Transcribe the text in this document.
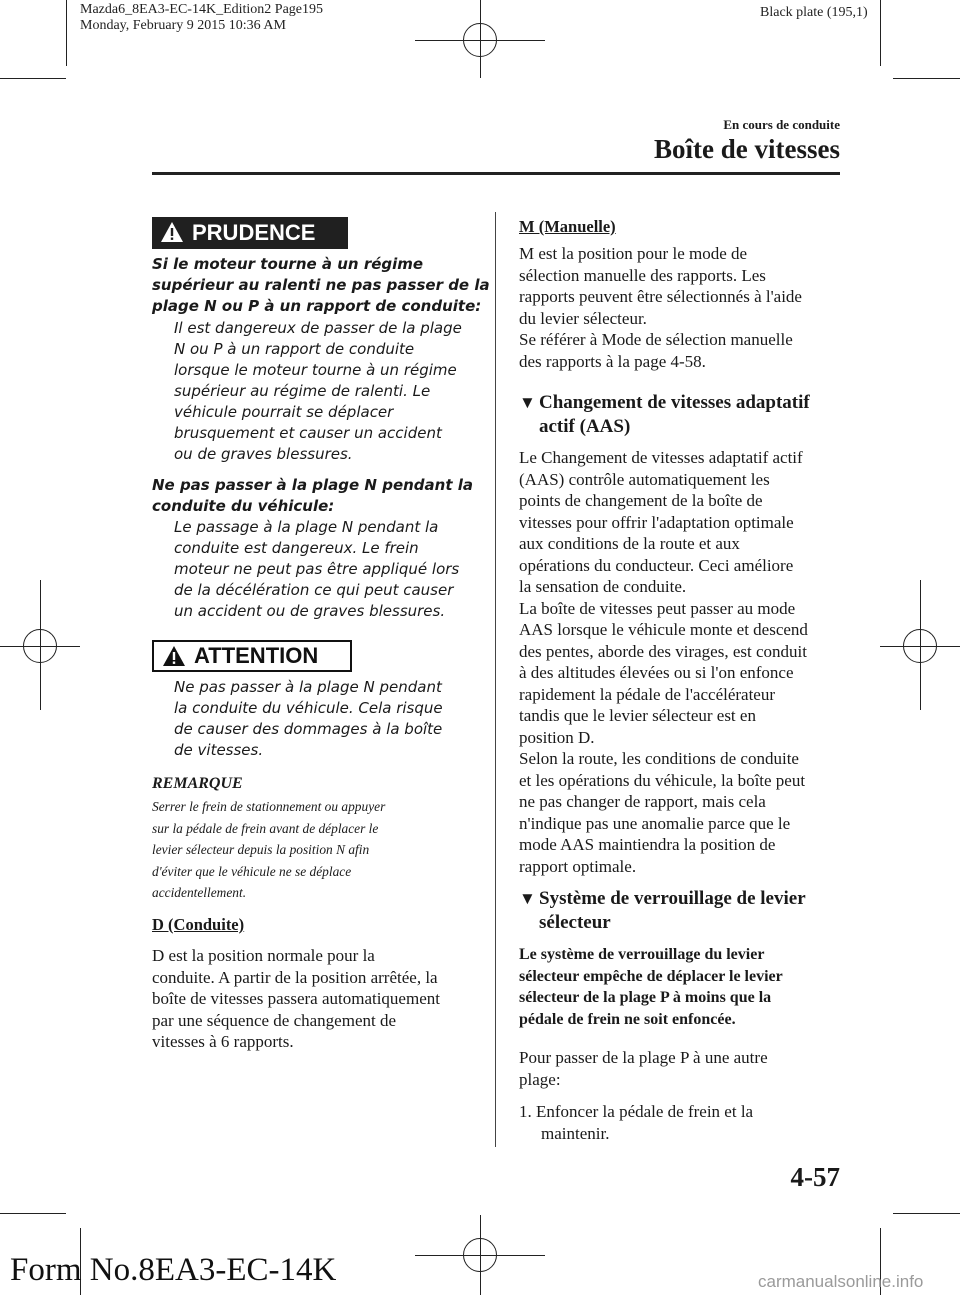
Mazda6_8EA3-EC-14K_Edition2 Page195
Monday, February 9 2015 10:36 AM
Black plate (195,1)
En cours de conduite
Boîte de vitesses
PRUDENCE
Si le moteur tourne à un régime
supérieur au ralenti ne pas passer de la
plage N ou P à un rapport de conduite:
Il est dangereux de passer de la plage
N ou P à un rapport de conduite
lorsque le moteur tourne à un régime
supérieur au régime de ralenti. Le
véhicule pourrait se déplacer
brusquement et causer un accident
ou de graves blessures.
Ne pas passer à la plage N pendant la
conduite du véhicule:
Le passage à la plage N pendant la
conduite est dangereux. Le frein
moteur ne peut pas être appliqué lors
de la décélération ce qui peut causer
un accident ou de graves blessures.
ATTENTION
Ne pas passer à la plage N pendant
la conduite du véhicule. Cela risque
de causer des dommages à la boîte
de vitesses.
REMARQUE
Serrer le frein de stationnement ou appuyer
sur la pédale de frein avant de déplacer le
levier sélecteur depuis la position N afin
d'éviter que le véhicule ne se déplace
accidentellement.
D (Conduite)
D est la position normale pour la
conduite. A partir de la position arrêtée, la
boîte de vitesses passera automatiquement
par une séquence de changement de
vitesses à 6 rapports.
M (Manuelle)
M est la position pour le mode de
sélection manuelle des rapports. Les
rapports peuvent être sélectionnés à l'aide
du levier sélecteur.
Se référer à Mode de sélection manuelle
des rapports à la page 4-58.
▼ Changement de vitesses adaptatif
actif (AAS)
Le Changement de vitesses adaptatif actif
(AAS) contrôle automatiquement les
points de changement de la boîte de
vitesses pour offrir l'adaptation optimale
aux conditions de la route et aux
opérations du conducteur. Ceci améliore
la sensation de conduite.
La boîte de vitesses peut passer au mode
AAS lorsque le véhicule monte et descend
des pentes, aborde des virages, est conduit
à des altitudes élevées ou si l'on enfonce
rapidement la pédale de l'accélérateur
tandis que le levier sélecteur est en
position D.
Selon la route, les conditions de conduite
et les opérations du véhicule, la boîte peut
ne pas changer de rapport, mais cela
n'indique pas une anomalie parce que le
mode AAS maintiendra la position de
rapport optimale.
▼ Système de verrouillage de levier
sélecteur
Le système de verrouillage du levier
sélecteur empêche de déplacer le levier
sélecteur de la plage P à moins que la
pédale de frein ne soit enfoncée.
Pour passer de la plage P à une autre
plage:
1. Enfoncer la pédale de frein et la
maintenir.
4-57
Form No.8EA3-EC-14K	carmanualsonline.info
